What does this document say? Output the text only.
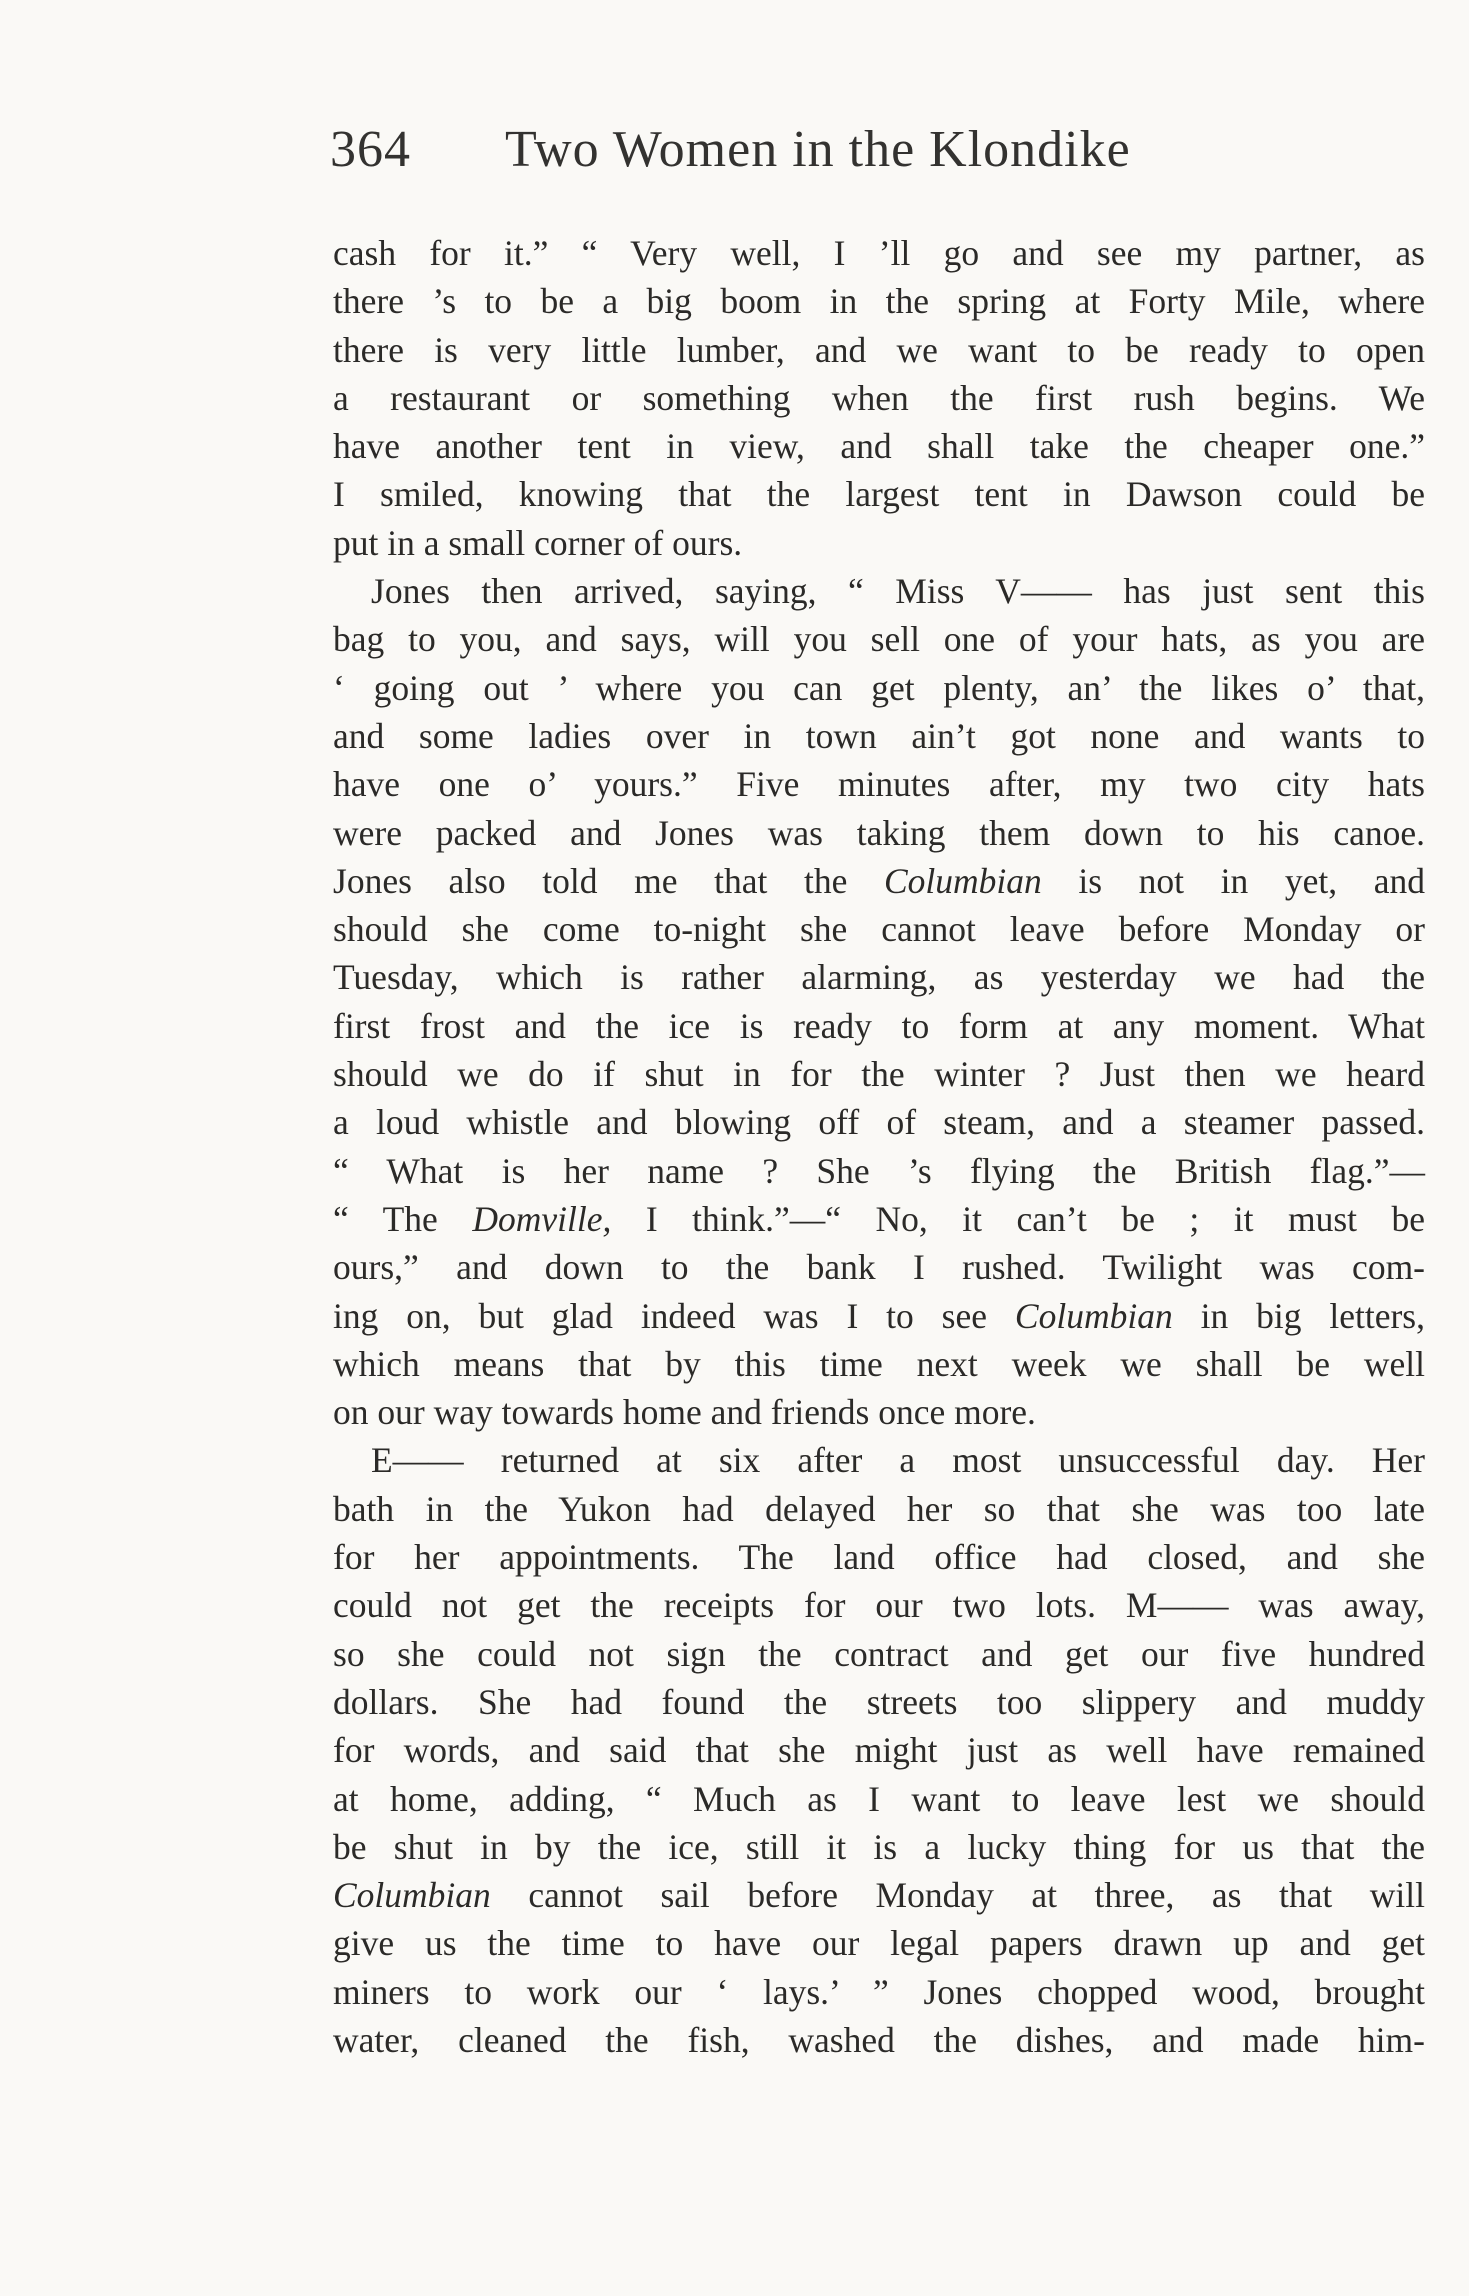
364 Two Women in the Klondike
cash for it.” “ Very well, I ’ll go and see my partner, as
there ’s to be a big boom in the spring at Forty Mile, where
there is very little lumber, and we want to be ready to open
a restaurant or something when the first rush begins. We
have another tent in view, and shall take the cheaper one.”
I smiled, knowing that the largest tent in Dawson could be
put in a small corner of ours.
Jones then arrived, saying, “ Miss V—— has just sent this
bag to you, and says, will you sell one of your hats, as you are
‘ going out ’ where you can get plenty, an’ the likes o’ that,
and some ladies over in town ain’t got none and wants to
have one o’ yours.” Five minutes after, my two city hats
were packed and Jones was taking them down to his canoe.
Jones also told me that the Columbian is not in yet, and
should she come to-night she cannot leave before Monday or
Tuesday, which is rather alarming, as yesterday we had the
first frost and the ice is ready to form at any moment. What
should we do if shut in for the winter ? Just then we heard
a loud whistle and blowing off of steam, and a steamer passed.
“ What is her name ? She ’s flying the British flag.”—
“ The Domville, I think.”—“ No, it can’t be ; it must be
ours,” and down to the bank I rushed. Twilight was com-
ing on, but glad indeed was I to see Columbian in big letters,
which means that by this time next week we shall be well
on our way towards home and friends once more.
E—— returned at six after a most unsuccessful day. Her
bath in the Yukon had delayed her so that she was too late
for her appointments. The land office had closed, and she
could not get the receipts for our two lots. M—— was away,
so she could not sign the contract and get our five hundred
dollars. She had found the streets too slippery and muddy
for words, and said that she might just as well have remained
at home, adding, “ Much as I want to leave lest we should
be shut in by the ice, still it is a lucky thing for us that the
Columbian cannot sail before Monday at three, as that will
give us the time to have our legal papers drawn up and get
miners to work our ‘ lays.’ ” Jones chopped wood, brought
water, cleaned the fish, washed the dishes, and made him-
